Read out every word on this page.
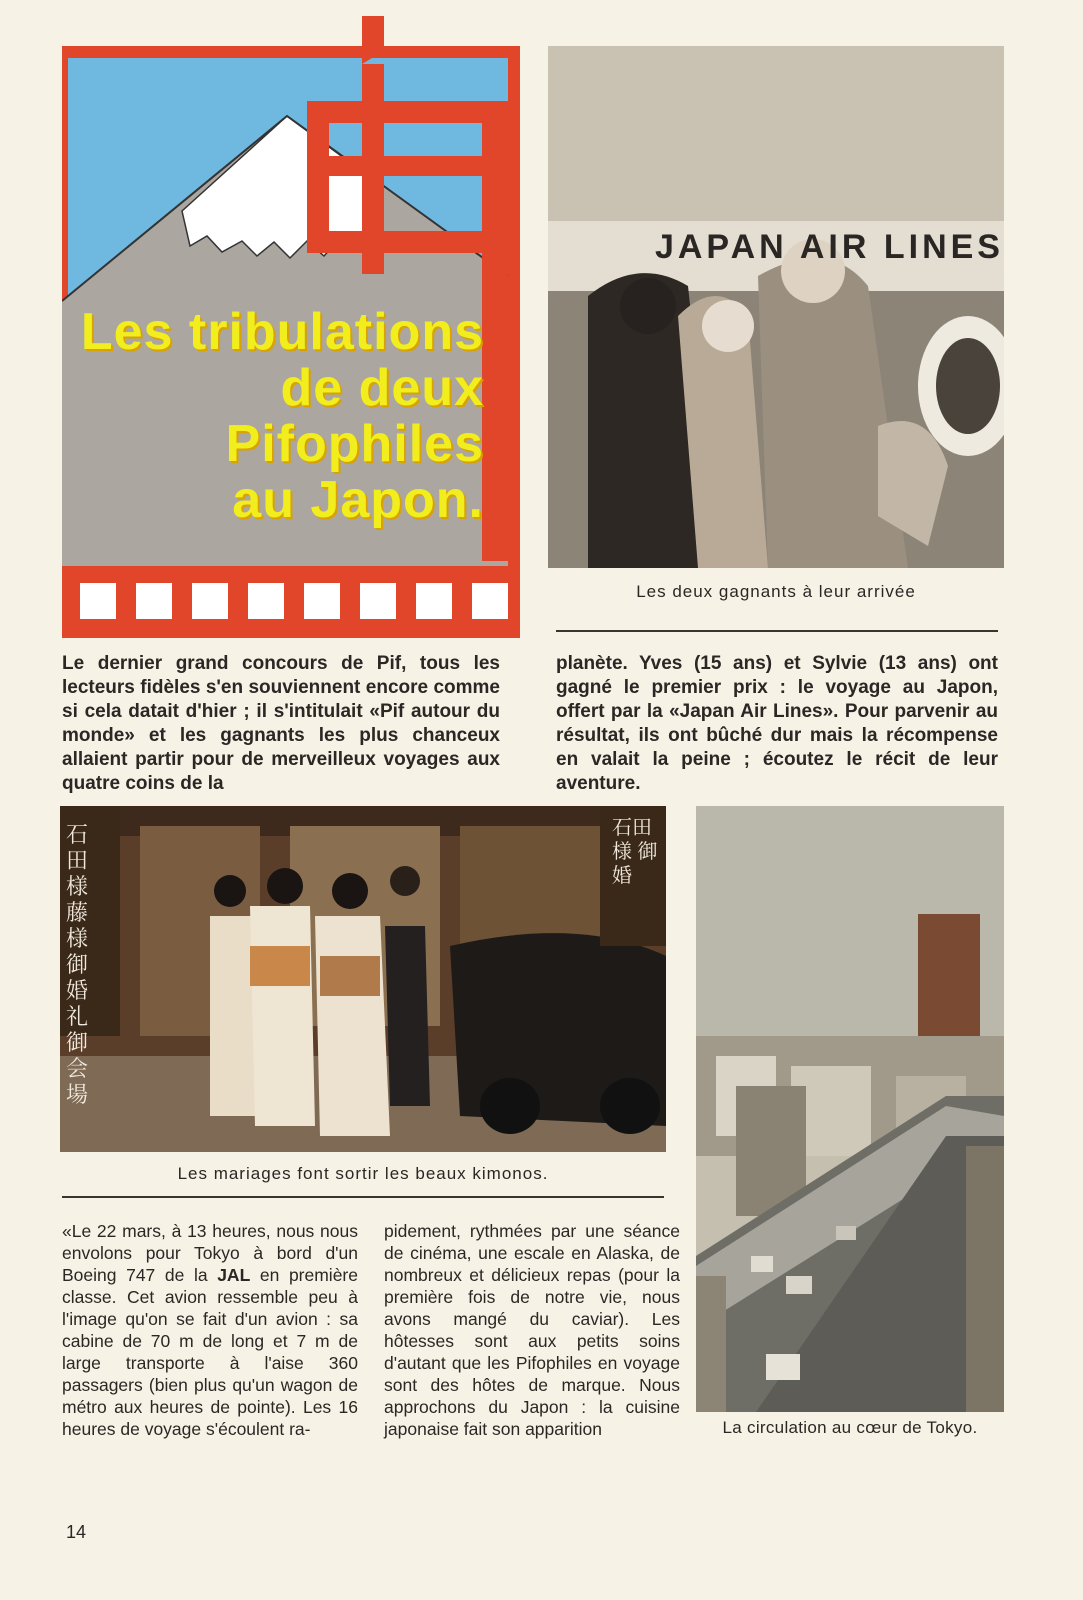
Les tribulations
de deux
Pifophiles
au Japon.
JAPAN AIR LINES
Les deux gagnants à leur arrivée
Le dernier grand concours de Pif, tous les lecteurs fidèles s'en souviennent encore comme si cela datait d'hier ; il s'intitulait «Pif autour du monde» et les gagnants les plus chanceux allaient partir pour de merveilleux voyages aux quatre coins de la
planète. Yves (15 ans) et Sylvie (13 ans) ont gagné le premier prix : le voyage au Japon, offert par la «Japan Air Lines». Pour parvenir au résultat, ils ont bûché dur mais la récompense en valait la peine ; écoutez le récit de leur aventure.
石田様 藤様 御婚礼御会場
石田様 御婚
Les mariages font sortir les beaux kimonos.
La circulation au cœur de Tokyo.
«Le 22 mars, à 13 heures, nous nous envolons pour Tokyo à bord d'un Boeing 747 de la JAL en première classe. Cet avion ressemble peu à l'image qu'on se fait d'un avion : sa cabine de 70 m de long et 7 m de large transporte à l'aise 360 passagers (bien plus qu'un wagon de métro aux heures de pointe). Les 16 heures de voyage s'écoulent ra-
pidement, rythmées par une séance de cinéma, une escale en Alaska, de nombreux et délicieux repas (pour la première fois de notre vie, nous avons mangé du caviar). Les hôtesses sont aux petits soins d'autant que les Pifophiles en voyage sont des hôtes de marque. Nous approchons du Japon : la cuisine japonaise fait son apparition
14
